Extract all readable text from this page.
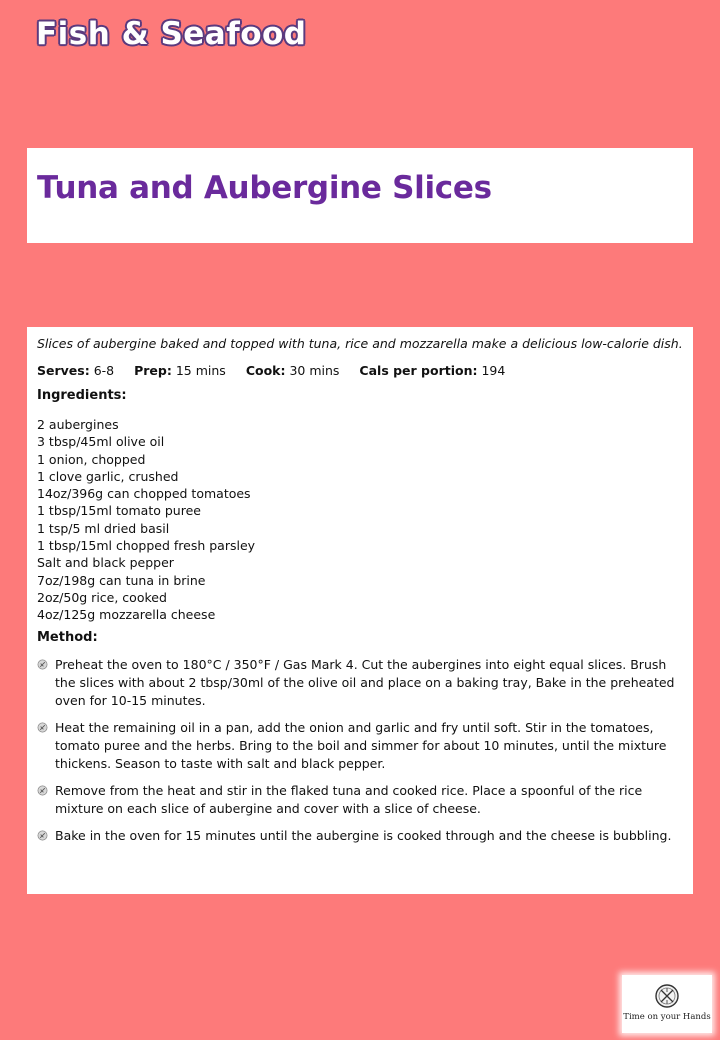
Fish & Seafood
Tuna and Aubergine Slices

Slices of aubergine baked and topped with tuna, rice and mozzarella make a delicious low-calorie dish.

Serves: 6-8 Prep: 15 mins Cook: 30 mins Cals per portion: 194
Ingredients:
2 aubergines
3 tbsp/45ml olive oil
1 onion, chopped
1 clove garlic, crushed
14oz/396g can chopped tomatoes
1 tbsp/15ml tomato puree
1 tsp/5 ml dried basil
1 tbsp/15ml chopped fresh parsley
Salt and black pepper
7oz/198g can tuna in brine
2oz/50g rice, cooked
4oz/125g mozzarella cheese
Method:
Preheat the oven to 180°C / 350°F / Gas Mark 4. Cut the aubergines into eight equal slices. Brush the slices with about 2 tbsp/30ml of the olive oil and place on a baking tray, Bake in the preheated oven for 10-15 minutes.
Heat the remaining oil in a pan, add the onion and garlic and fry until soft. Stir in the tomatoes, tomato puree and the herbs. Bring to the boil and simmer for about 10 minutes, until the mixture thickens. Season to taste with salt and black pepper.
Remove from the heat and stir in the flaked tuna and cooked rice. Place a spoonful of the rice mixture on each slice of aubergine and cover with a slice of cheese.
Bake in the oven for 15 minutes until the aubergine is cooked through and the cheese is bubbling.
Time on your Hands
